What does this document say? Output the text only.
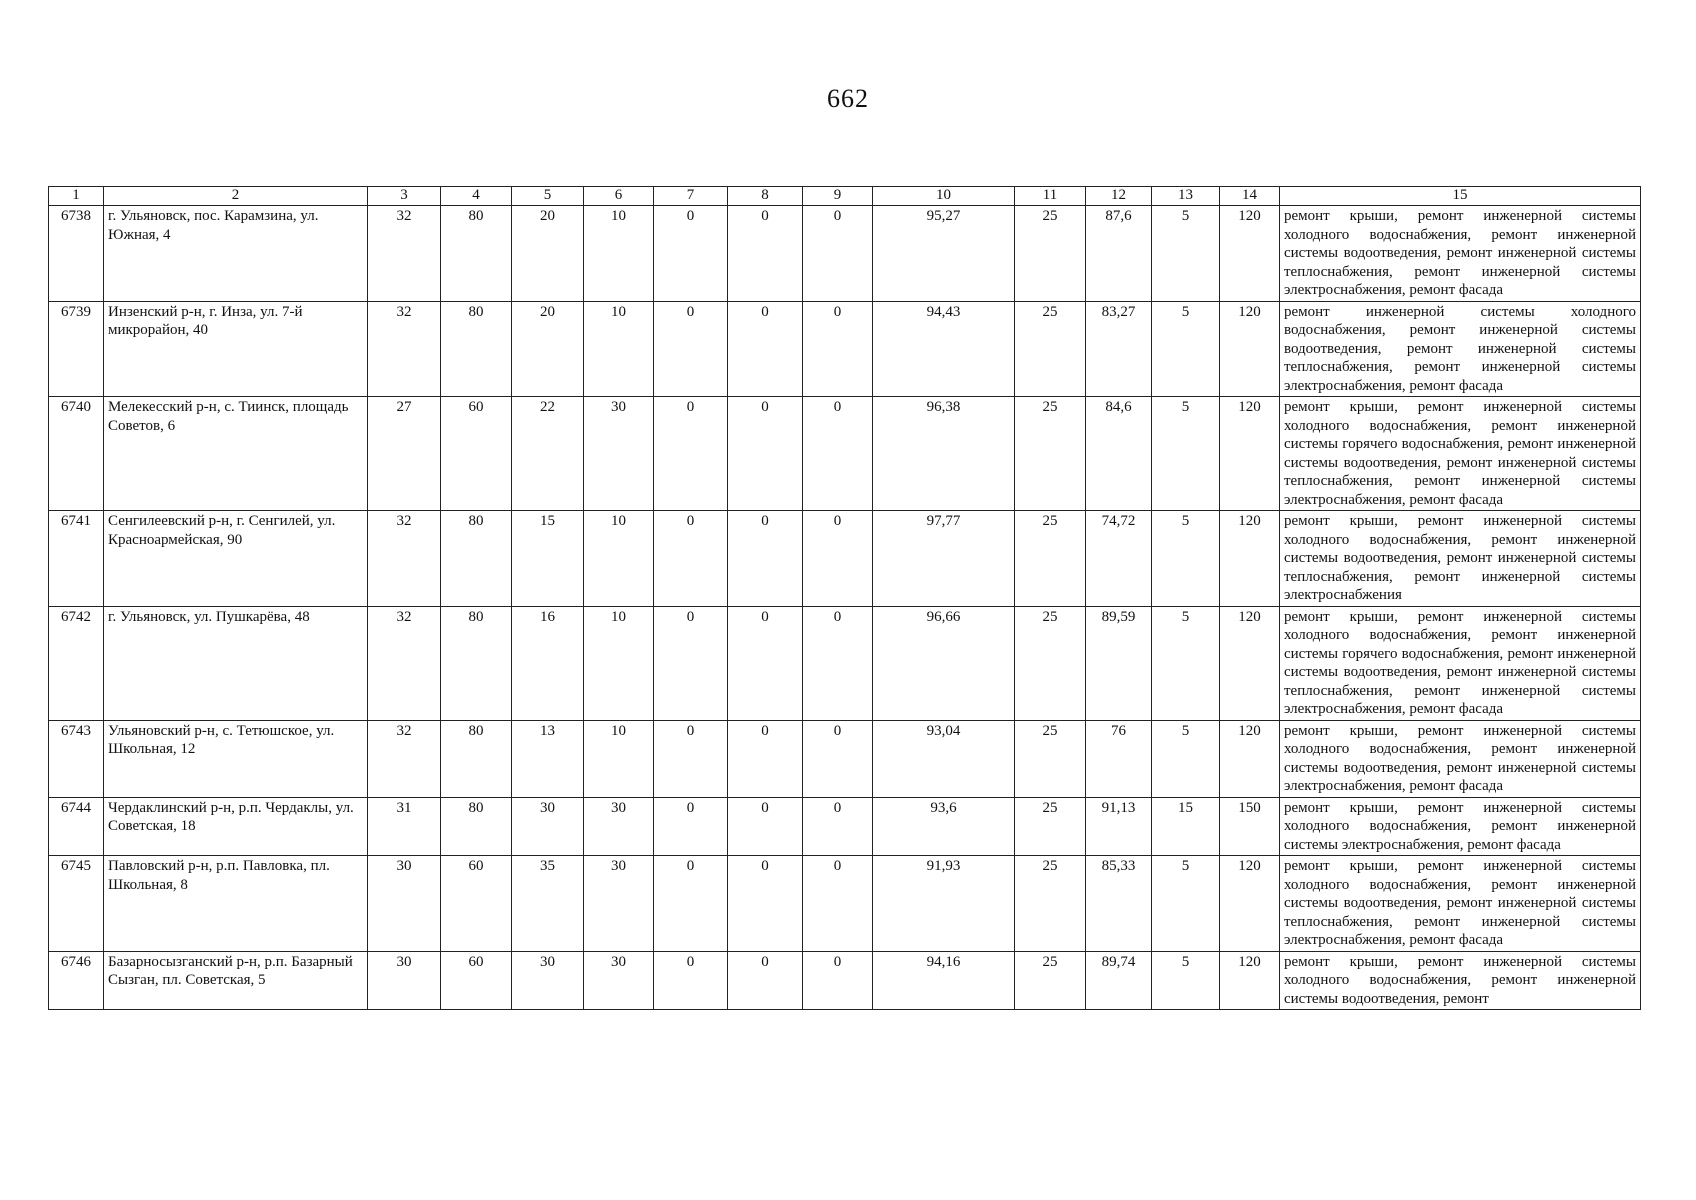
662
1	2	3	4	5	6	7	8	9	10	11	12	13	14	15
6738	г. Ульяновск, пос. Карамзина, ул. Южная, 4	32	80	20	10	0	0	0	95,27	25	87,6	5	120	ремонт крыши, ремонт инженерной системы холодного водоснабжения, ремонт инженерной системы водоотведения, ремонт инженерной системы теплоснабжения, ремонт инженерной системы электроснабжения, ремонт фасада
6739	Инзенский р-н, г. Инза, ул. 7-й микрорайон, 40	32	80	20	10	0	0	0	94,43	25	83,27	5	120	ремонт инженерной системы холодного водоснабжения, ремонт инженерной системы водоотведения, ремонт инженерной системы теплоснабжения, ремонт инженерной системы электроснабжения, ремонт фасада
6740	Мелекесский р-н, с. Тиинск, площадь Советов, 6	27	60	22	30	0	0	0	96,38	25	84,6	5	120	ремонт крыши, ремонт инженерной системы холодного водоснабжения, ремонт инженерной системы горячего водоснабжения, ремонт инженерной системы водоотведения, ремонт инженерной системы теплоснабжения, ремонт инженерной системы электроснабжения, ремонт фасада
6741	Сенгилеевский р-н, г. Сенгилей, ул. Красноармейская, 90	32	80	15	10	0	0	0	97,77	25	74,72	5	120	ремонт крыши, ремонт инженерной системы холодного водоснабжения, ремонт инженерной системы водоотведения, ремонт инженерной системы теплоснабжения, ремонт инженерной системы электроснабжения
6742	г. Ульяновск, ул. Пушкарёва, 48	32	80	16	10	0	0	0	96,66	25	89,59	5	120	ремонт крыши, ремонт инженерной системы холодного водоснабжения, ремонт инженерной системы горячего водоснабжения, ремонт инженерной системы водоотведения, ремонт инженерной системы теплоснабжения, ремонт инженерной системы электроснабжения, ремонт фасада
6743	Ульяновский р-н, с. Тетюшское, ул. Школьная, 12	32	80	13	10	0	0	0	93,04	25	76	5	120	ремонт крыши, ремонт инженерной системы холодного водоснабжения, ремонт инженерной системы водоотведения, ремонт инженерной системы электроснабжения, ремонт фасада
6744	Чердаклинский р-н, р.п. Чердаклы, ул. Советская, 18	31	80	30	30	0	0	0	93,6	25	91,13	15	150	ремонт крыши, ремонт инженерной системы холодного водоснабжения, ремонт инженерной системы электроснабжения, ремонт фасада
6745	Павловский р-н, р.п. Павловка, пл. Школьная, 8	30	60	35	30	0	0	0	91,93	25	85,33	5	120	ремонт крыши, ремонт инженерной системы холодного водоснабжения, ремонт инженерной системы водоотведения, ремонт инженерной системы теплоснабжения, ремонт инженерной системы электроснабжения, ремонт фасада
6746	Базарносызганский р-н, р.п. Базарный Сызган, пл. Советская, 5	30	60	30	30	0	0	0	94,16	25	89,74	5	120	ремонт крыши, ремонт инженерной системы холодного водоснабжения, ремонт инженерной системы водоотведения, ремонт
